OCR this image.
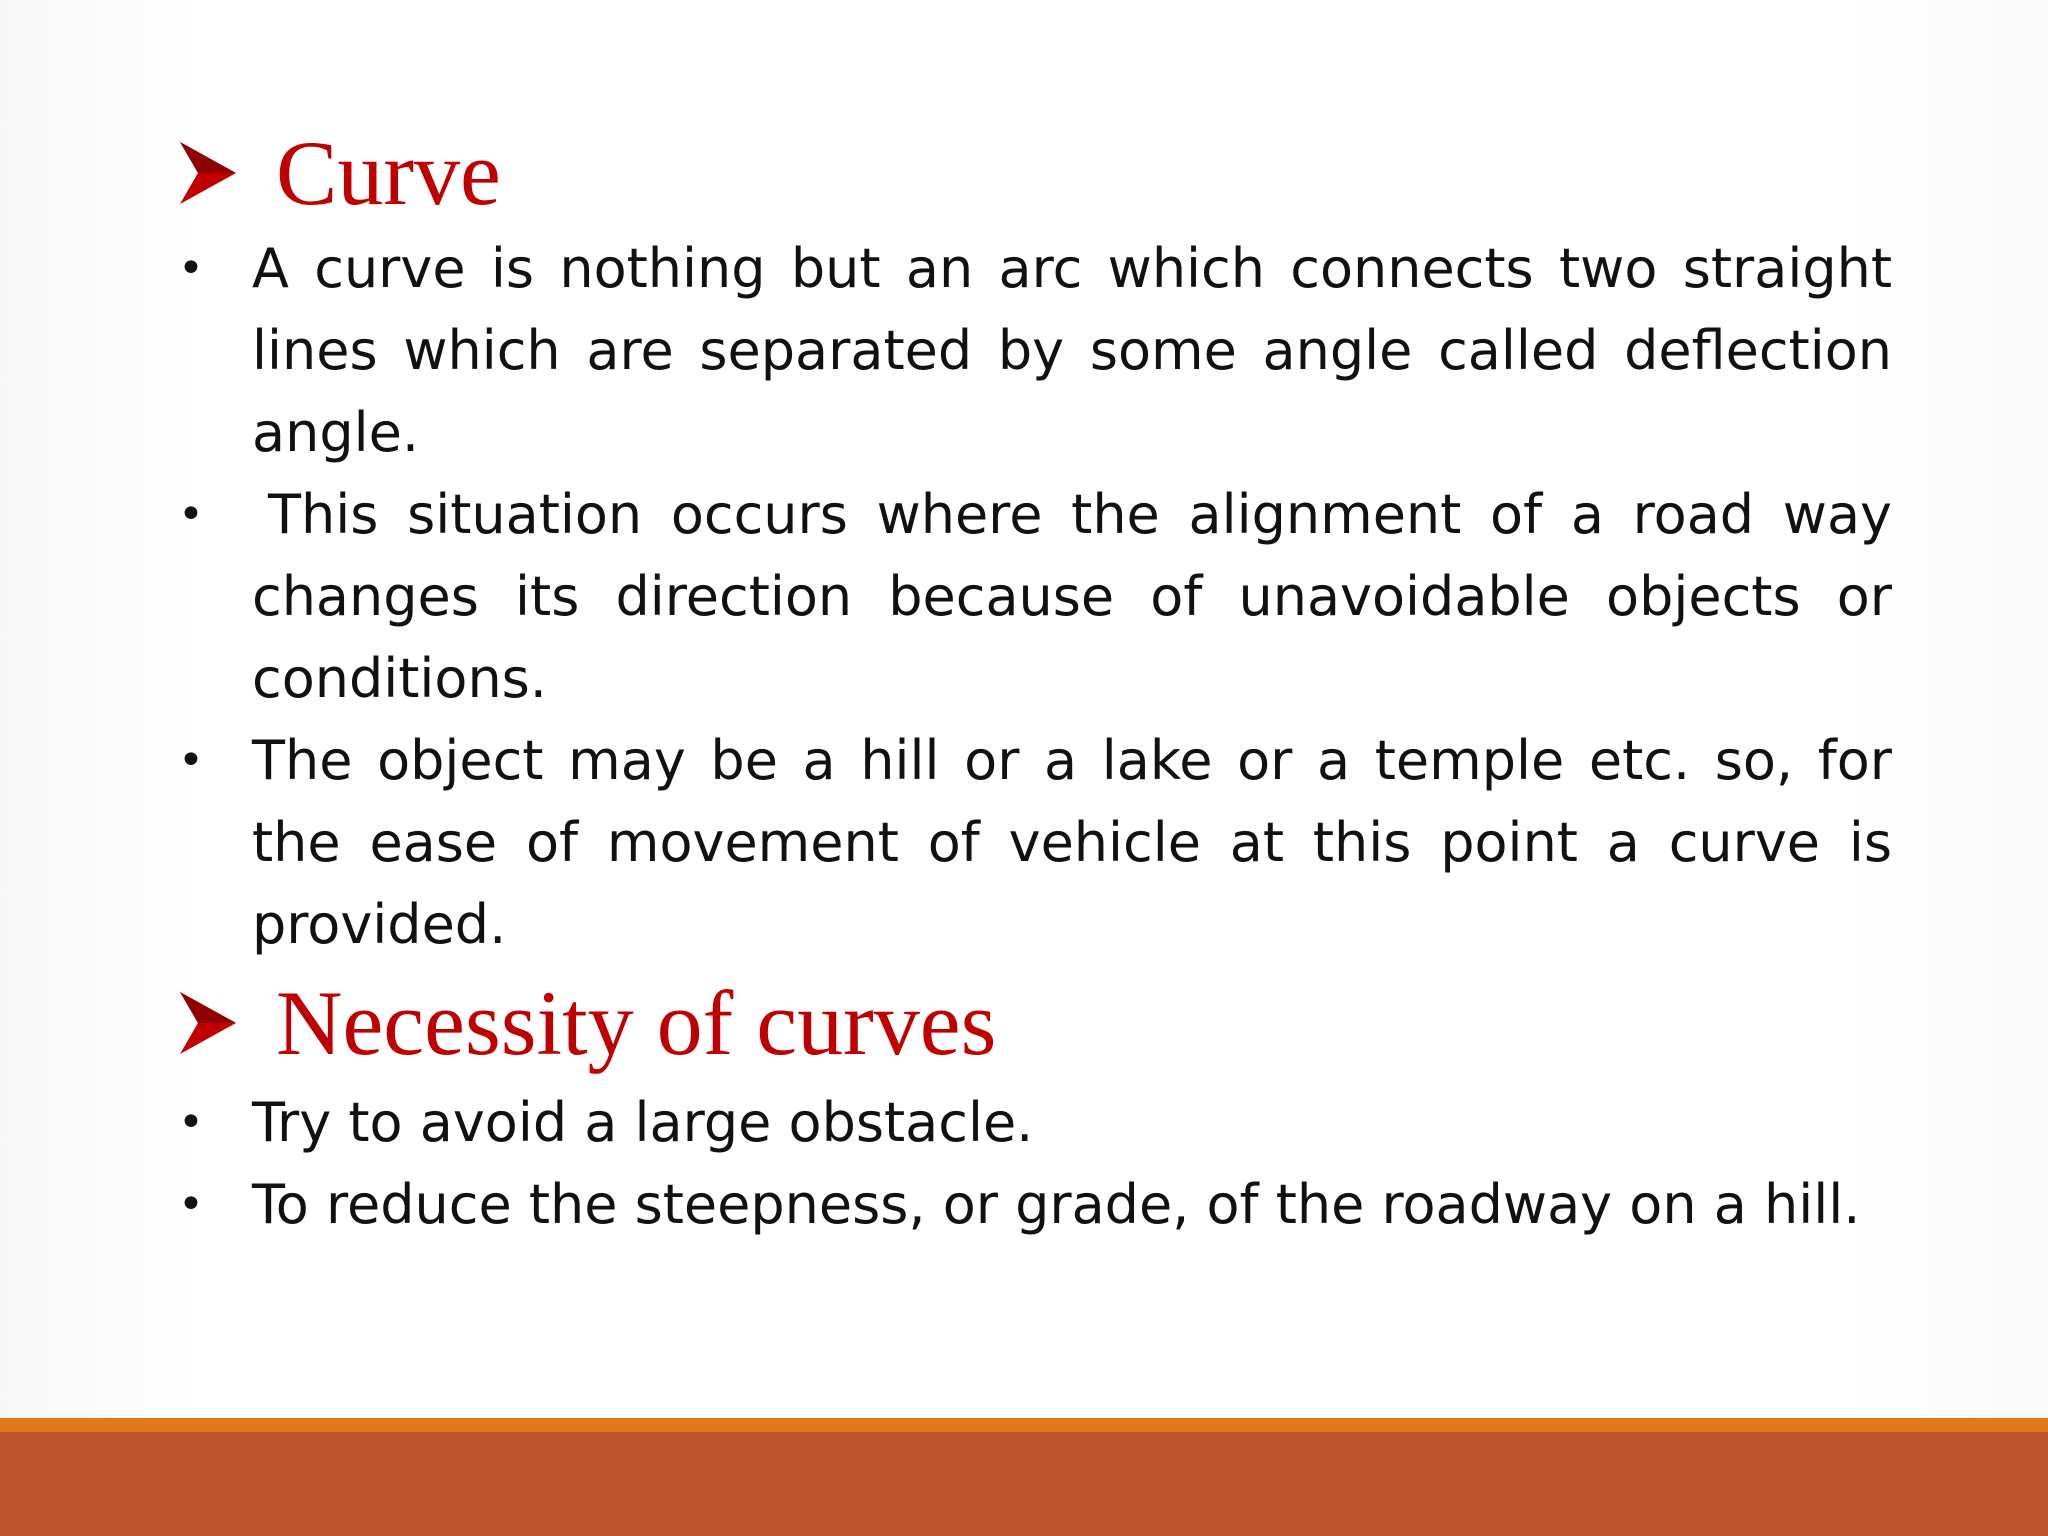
Curve
• A curve is nothing but an arc which connects two straight lines which are separated by some angle called deflection angle.
• This situation occurs where the alignment of a road way changes its direction because of unavoidable objects or conditions.
• The object may be a hill or a lake or a temple etc. so, for the ease of movement of vehicle at this point a curve is provided.
Necessity of curves
• Try to avoid a large obstacle.
• To reduce the steepness, or grade, of the roadway on a hill.
